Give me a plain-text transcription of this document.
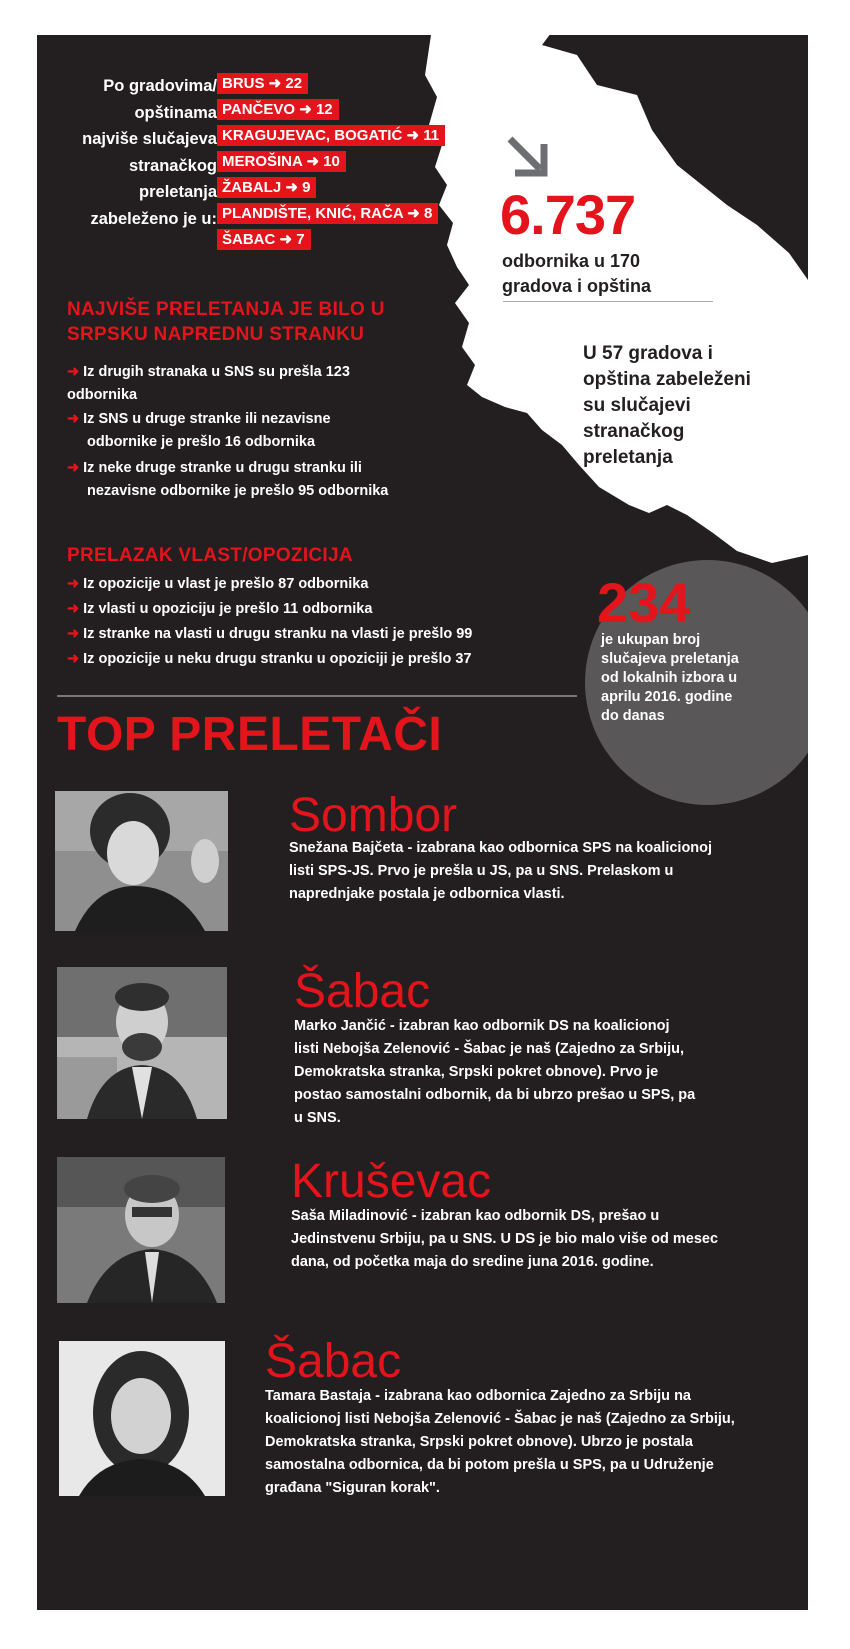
Po gradovima/
opštinama
najviše slučajeva
stranačkog
preletanja
zabeleženo je u:
BRUS ➜ 22
PANČEVO ➜ 12
KRAGUJEVAC, BOGATIĆ ➜ 11
MEROŠINA ➜ 10
ŽABALJ ➜ 9
PLANDIŠTE, KNIĆ, RAČA ➜ 8
ŠABAC ➜ 7	6.737
odbornika u 170
gradova i opština
U 57 gradova i
opština zabeleženi
su slučajevi
stranačkog
preletanja
NAJVIŠE PRELETANJA JE BILO U
SRPSKU NAPREDNU STRANKU
➜ Iz drugih stranaka u SNS su prešla 123
odbornika
➜ Iz SNS u druge stranke ili nezavisne

odbornike je prešlo 16 odbornika
➜ Iz neke druge stranke u drugu stranku ili

nezavisne odbornike je prešlo 95 odbornika
PRELAZAK VLAST/OPOZICIJA
➜ Iz opozicije u vlast je prešlo 87 odbornika
➜ Iz vlasti u opoziciju je prešlo 11 odbornika
➜ Iz stranke na vlasti u drugu stranku na vlasti je prešlo 99
➜ Iz opozicije u neku drugu stranku u opoziciji je prešlo 37
234
je ukupan broj
slučajeva preletanja
od lokalnih izbora u
aprilu 2016. godine
do danas
TOP PRELETAČI
Sombor
Snežana Bajčeta - izabrana kao odbornica SPS na koalicionoj
listi SPS-JS. Prvo je prešla u JS, pa u SNS. Prelaskom u
naprednjake postala je odbornica vlasti.
Šabac
Marko Jančić - izabran kao odbornik DS na koalicionoj
listi Nebojša Zelenović - Šabac je naš (Zajedno za Srbiju,
Demokratska stranka, Srpski pokret obnove). Prvo je
postao samostalni odbornik, da bi ubrzo prešao u SPS, pa
u SNS.
Kruševac
Saša Miladinović - izabran kao odbornik DS, prešao u
Jedinstvenu Srbiju, pa u SNS. U DS je bio malo više od mesec
dana, od početka maja do sredine juna 2016. godine.
Šabac
Tamara Bastaja - izabrana kao odbornica Zajedno za Srbiju na
koalicionoj listi Nebojša Zelenović - Šabac je naš (Zajedno za Srbiju,
Demokratska stranka, Srpski pokret obnove). Ubrzo je postala
samostalna odbornica, da bi potom prešla u SPS, pa u Udruženje
građana "Siguran korak".
